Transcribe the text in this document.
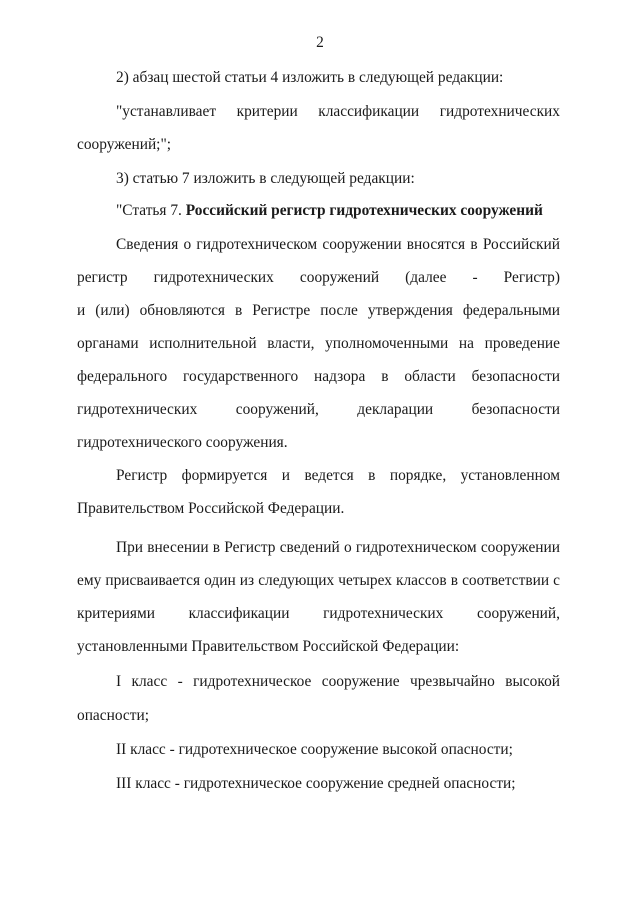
2
2) абзац шестой статьи 4 изложить в следующей редакции:
"устанавливает критерии классификации гидротехнических
сооружений;";
3) статью 7 изложить в следующей редакции:
"Статья 7. Российский регистр гидротехнических сооружений
Сведения о гидротехническом сооружении вносятся в Российский
регистр гидротехнических сооружений (далее - Регистр)
и (или) обновляются в Регистре после утверждения федеральными
органами исполнительной власти, уполномоченными на проведение
федерального государственного надзора в области безопасности
гидротехнических сооружений, декларации безопасности
гидротехнического сооружения.
Регистр формируется и ведется в порядке, установленном
Правительством Российской Федерации.
При внесении в Регистр сведений о гидротехническом сооружении
ему присваивается один из следующих четырех классов в соответствии с
критериями классификации гидротехнических сооружений,
установленными Правительством Российской Федерации:
I класс - гидротехническое сооружение чрезвычайно высокой
опасности;
II класс - гидротехническое сооружение высокой опасности;
III класс - гидротехническое сооружение средней опасности;
